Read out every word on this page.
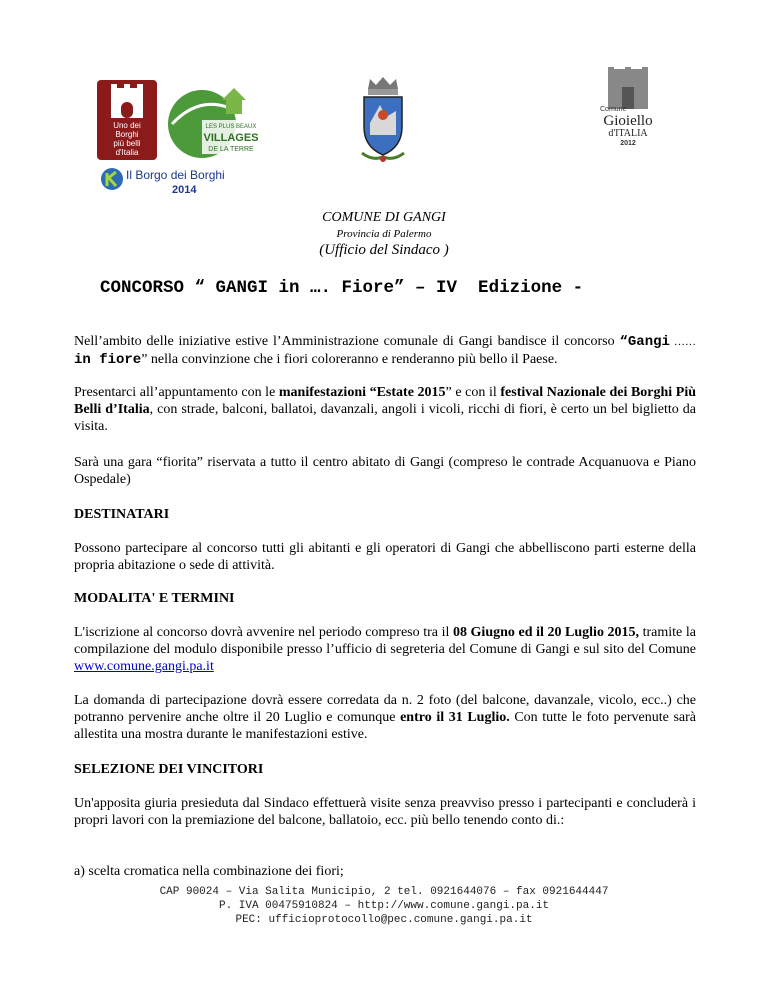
Uno dei
Borghi
più belli
d'Italia
LES PLUS BEAUX
VILLAGES
DE LA TERRE
Il Borgo dei Borghi
2014
Comune
Gioiello
d'ITALIA
2012
COMUNE DI GANGI
Provincia di Palermo
(Ufficio del Sindaco )
CONCORSO “ GANGI in …. Fiore” – IV  Edizione -
Nell’ambito delle iniziative estive l’Amministrazione comunale di Gangi bandisce il concorso “Gangi ……in fiore” nella convinzione che i fiori coloreranno e renderanno più bello il Paese.
Presentarci all’appuntamento con le manifestazioni “Estate 2015” e con il festival Nazionale dei Borghi Più Belli d’Italia, con strade, balconi, ballatoi, davanzali, angoli i vicoli, ricchi di fiori, è certo un bel biglietto da visita.
Sarà una gara “fiorita” riservata a tutto il centro abitato di Gangi (compreso le contrade Acquanuova e Piano Ospedale)
DESTINATARI
Possono partecipare al concorso tutti gli abitanti e gli operatori di Gangi che abbelliscono parti esterne della propria abitazione o sede di attività.
MODALITA' E TERMINI
L'iscrizione al concorso dovrà avvenire nel periodo compreso tra il 08 Giugno ed il 20 Luglio 2015, tramite la compilazione del modulo disponibile presso l’ufficio di segreteria del Comune di Gangi e sul sito del Comune www.comune.gangi.pa.it
La domanda di partecipazione dovrà essere corredata da n. 2 foto (del balcone, davanzale, vicolo, ecc..) che potranno pervenire anche oltre il 20 Luglio e comunque entro il 31 Luglio. Con tutte le foto pervenute sarà allestita una mostra durante le manifestazioni estive.
SELEZIONE DEI VINCITORI
Un'apposita giuria presieduta dal Sindaco effettuerà visite senza preavviso presso i partecipanti e concluderà i propri lavori con la premiazione del balcone, ballatoio, ecc. più bello tenendo conto di.:
a) scelta cromatica nella combinazione dei fiori;
CAP 90024 – Via Salita Municipio, 2 tel. 0921644076 – fax 0921644447
P. IVA 00475910824 – http://www.comune.gangi.pa.it
PEC: ufficioprotocollo@pec.comune.gangi.pa.it
